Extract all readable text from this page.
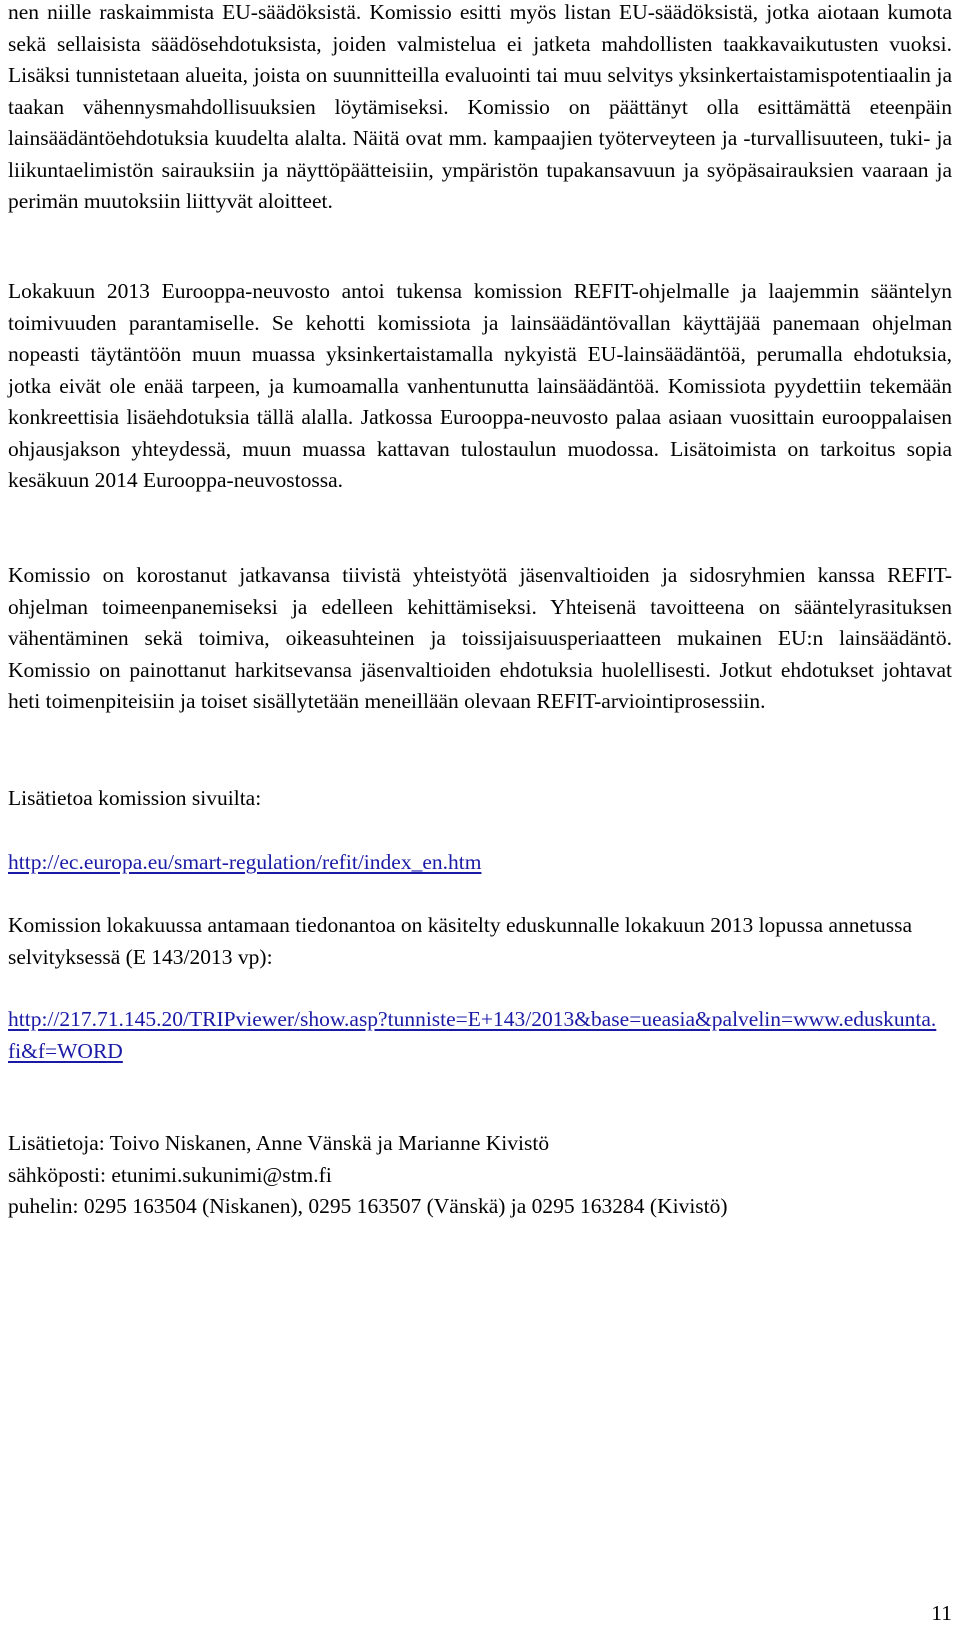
nen niille raskaimmista EU-säädöksistä. Komissio esitti myös listan EU-säädöksistä, jotka aiotaan kumota sekä sellaisista säädösehdotuksista, joiden valmistelua ei jatketa mahdollisten taakkavaikutusten vuoksi. Lisäksi tunnistetaan alueita, joista on suunnitteilla evaluointi tai muu selvitys yksinkertaistamispotentiaalin ja taakan vähennysmahdollisuuksien löytämiseksi. Komissio on päättänyt olla esittämättä eteenpäin lainsäädäntöehdotuksia kuudelta alalta. Näitä ovat mm. kampaajien työterveyteen ja -turvallisuuteen, tuki- ja liikuntaelimistön sairauksiin ja näyttöpäätteisiin, ympäristön tupakansavuun ja syöpäsairauksien vaaraan ja perimän muutoksiin liittyvät aloitteet.

Lokakuun 2013 Eurooppa-neuvosto antoi tukensa komission REFIT-ohjelmalle ja laajemmin sääntelyn toimivuuden parantamiselle. Se kehotti komissiota ja lainsäädäntövallan käyttäjää panemaan ohjelman nopeasti täytäntöön muun muassa yksinkertaistamalla nykyistä EU-lainsäädäntöä, perumalla ehdotuksia, jotka eivät ole enää tarpeen, ja kumoamalla vanhentunutta lainsäädäntöä. Komissiota pyydettiin tekemään konkreettisia lisäehdotuksia tällä alalla. Jatkossa Eurooppa-neuvosto palaa asiaan vuosittain eurooppalaisen ohjausjakson yhteydessä, muun muassa kattavan tulostaulun muodossa. Lisätoimista on tarkoitus sopia kesäkuun 2014 Eurooppa-neuvostossa.

Komissio on korostanut jatkavansa tiivistä yhteistyötä jäsenvaltioiden ja sidosryhmien kanssa REFIT-ohjelman toimeenpanemiseksi ja edelleen kehittämiseksi. Yhteisenä tavoitteena on sääntelyrasituksen vähentäminen sekä toimiva, oikeasuhteinen ja toissijaisuusperiaatteen mukainen EU:n lainsäädäntö. Komissio on painottanut harkitsevansa jäsenvaltioiden ehdotuksia huolellisesti. Jotkut ehdotukset johtavat heti toimenpiteisiin ja toiset sisällytetään meneillään olevaan REFIT-arviointiprosessiin.

Lisätietoa komission sivuilta:

http://ec.europa.eu/smart-regulation/refit/index_en.htm

Komission lokakuussa antamaan tiedonantoa on käsitelty eduskunnalle lokakuun 2013 lopussa annetussa selvityksessä (E 143/2013 vp):

http://217.71.145.20/TRIPviewer/show.asp?tunniste=E+143/2013&base=ueasia&palvelin=www.eduskunta.fi&f=WORD

Lisätietoja: Toivo Niskanen, Anne Vänskä ja Marianne Kivistö

sähköposti: etunimi.sukunimi@stm.fi

puhelin: 0295 163504 (Niskanen), 0295 163507 (Vänskä) ja 0295 163284 (Kivistö)

11
